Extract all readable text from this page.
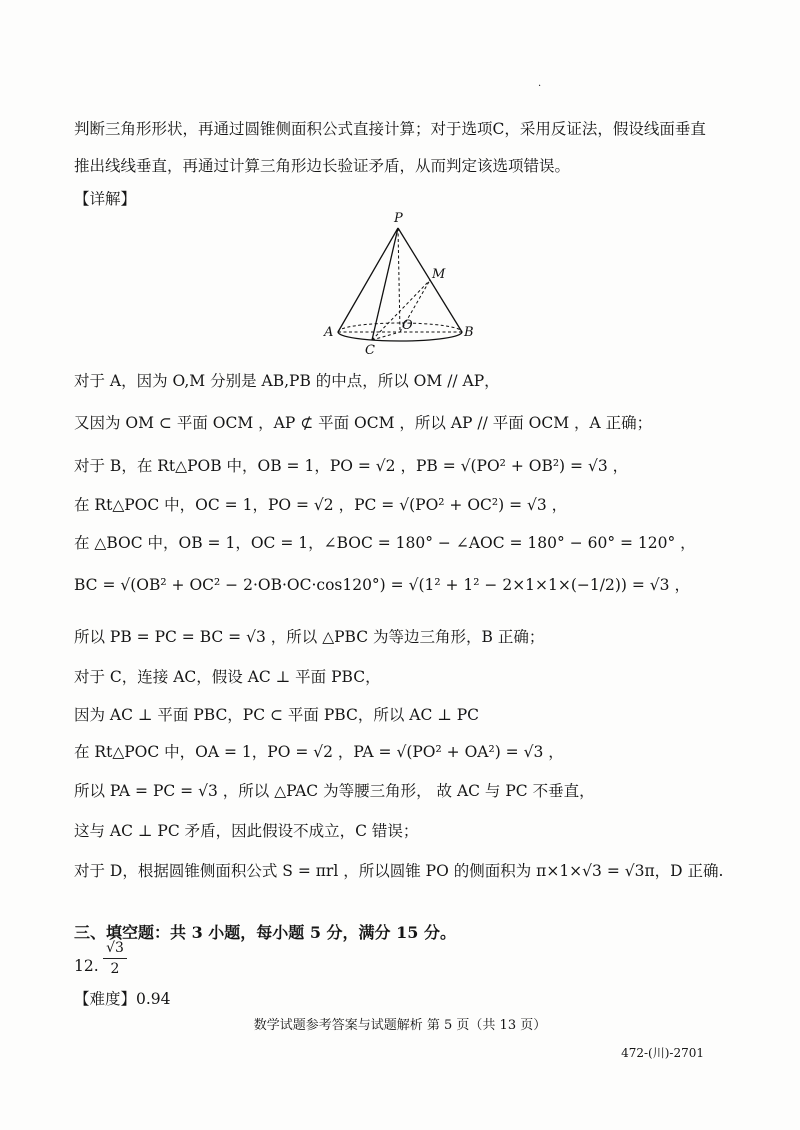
.
判断三角形形状，再通过圆锥侧面积公式直接计算；对于选项C，采用反证法，假设线面垂直
推出线线垂直，再通过计算三角形边长验证矛盾，从而判定该选项错误。
【详解】
P
M
O
A	B
C
对于 A，因为 O,M 分别是 AB,PB 的中点，所以 OM // AP，
又因为 OM ⊂ 平面 OCM ，AP ⊄ 平面 OCM ，所以 AP // 平面 OCM ，A 正确；
对于 B，在 Rt△POB 中，OB = 1，PO = √2 ，PB = √(PO² + OB²) = √3 ，
在 Rt△POC 中，OC = 1，PO = √2 ，PC = √(PO² + OC²) = √3 ，
在 △BOC 中，OB = 1，OC = 1，∠BOC = 180° − ∠AOC = 180° − 60° = 120° ，
BC = √(OB² + OC² − 2·OB·OC·cos120°) = √(1² + 1² − 2×1×1×(−1/2)) = √3 ，
所以 PB = PC = BC = √3 ，所以 △PBC 为等边三角形，B 正确；
对于 C，连接 AC，假设 AC ⊥ 平面 PBC，
因为 AC ⊥ 平面 PBC，PC ⊂ 平面 PBC，所以 AC ⊥ PC
在 Rt△POC 中，OA = 1，PO = √2 ，PA = √(PO² + OA²) = √3 ，
所以 PA = PC = √3 ，所以 △PAC 为等腰三角形， 故 AC 与 PC 不垂直，
这与 AC ⊥ PC 矛盾，因此假设不成立，C 错误；
对于 D，根据圆锥侧面积公式 S = πrl ，所以圆锥 PO 的侧面积为 π×1×√3 = √3π，D 正确.
三、填空题：共 3 小题，每小题 5 分，满分 15 分。
12.
√3
2
【难度】0.94
数学试题参考答案与试题解析 第 5 页（共 13 页）
472-(川)-2701
